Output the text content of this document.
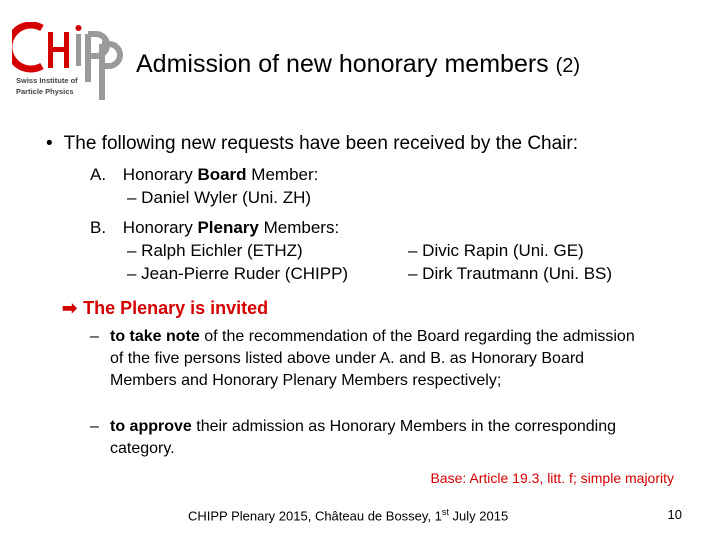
Swiss Institute of
Particle Physics
Admission of new honorary members (2)
• The following new requests have been received by the Chair:
A. Honorary Board Member:
– Daniel Wyler (Uni. ZH)
B. Honorary Plenary Members:
– Ralph Eichler (ETHZ)
– Jean-Pierre Ruder (CHIPP)
– Divic Rapin (Uni. GE)
– Dirk Trautmann (Uni. BS)
➡ The Plenary is invited
– to take note of the recommendation of the Board regarding the admission of the five persons listed above under A. and B. as Honorary Board Members and Honorary Plenary Members respectively;
– to approve their admission as Honorary Members in the corresponding category.
Base: Article 19.3, litt. f; simple majority
CHIPP Plenary 2015, Château de Bossey, 1st July 2015	10
